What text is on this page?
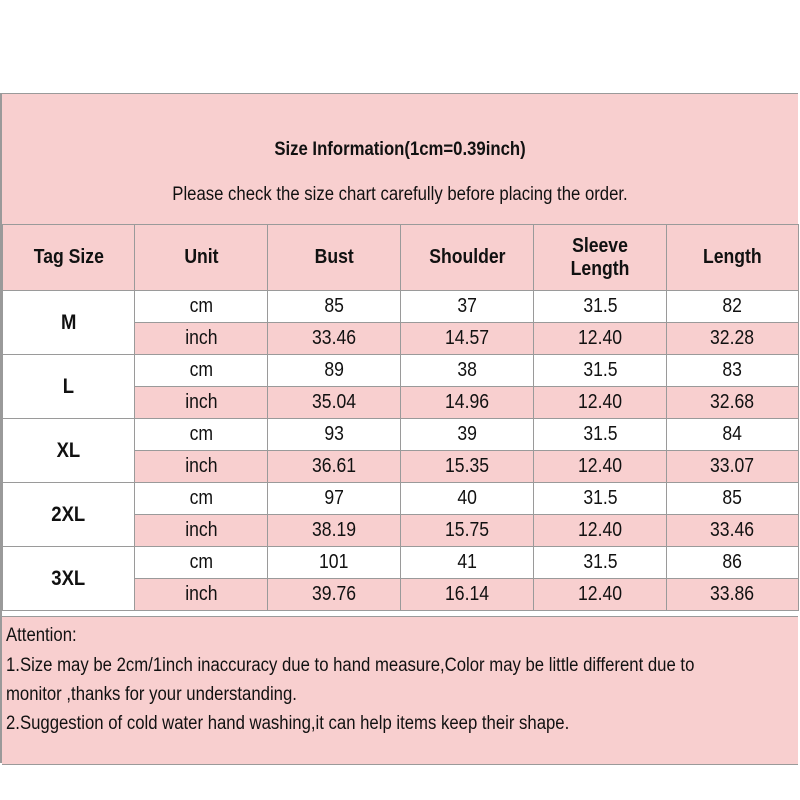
Size Information(1cm=0.39inch)
Please check the size chart carefully before placing the order.
Tag Size	Unit	Bust	Shoulder	Sleeve Length	Length
M	cm	85	37	31.5	82
	inch	33.46	14.57	12.40	32.28
L	cm	89	38	31.5	83
	inch	35.04	14.96	12.40	32.68
XL	cm	93	39	31.5	84
	inch	36.61	15.35	12.40	33.07
2XL	cm	97	40	31.5	85
	inch	38.19	15.75	12.40	33.46
3XL	cm	101	41	31.5	86
	inch	39.76	16.14	12.40	33.86
Attention:
1.Size may be 2cm/1inch inaccuracy due to hand measure,Color may be little different due to
monitor ,thanks for your understanding.
2.Suggestion of cold water hand washing,it can help items keep their shape.
